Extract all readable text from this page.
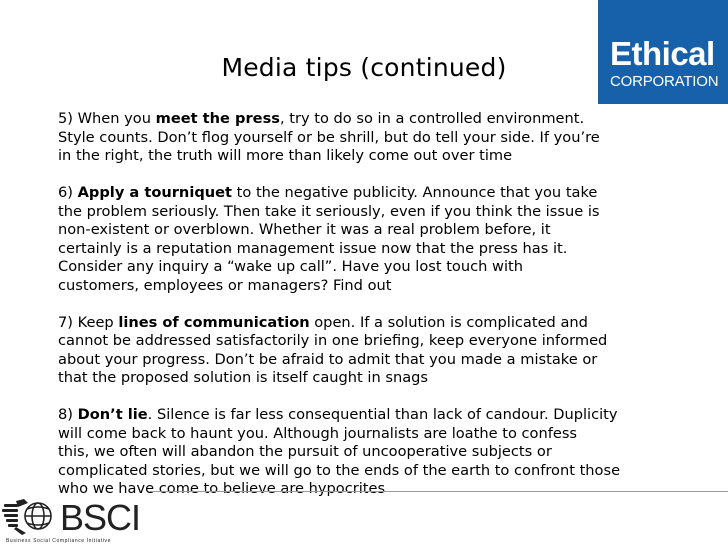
Media tips (continued)	Ethical
CORPORATION
5) When you meet the press, try to do so in a controlled environment.
Style counts. Don’t flog yourself or be shrill, but do tell your side. If you’re
in the right, the truth will more than likely come out over time
6) Apply a tourniquet to the negative publicity. Announce that you take
the problem seriously. Then take it seriously, even if you think the issue is
non-existent or overblown. Whether it was a real problem before, it
certainly is a reputation management issue now that the press has it.
Consider any inquiry a “wake up call”. Have you lost touch with
customers, employees or managers? Find out
7) Keep lines of communication open. If a solution is complicated and
cannot be addressed satisfactorily in one briefing, keep everyone informed
about your progress. Don’t be afraid to admit that you made a mistake or
that the proposed solution is itself caught in snags
8) Don’t lie. Silence is far less consequential than lack of candour. Duplicity
will come back to haunt you. Although journalists are loathe to confess
this, we often will abandon the pursuit of uncooperative subjects or
complicated stories, but we will go to the ends of the earth to confront those
who we have come to believe are hypocrites
BSCI
Business Social Compliance Initiative
